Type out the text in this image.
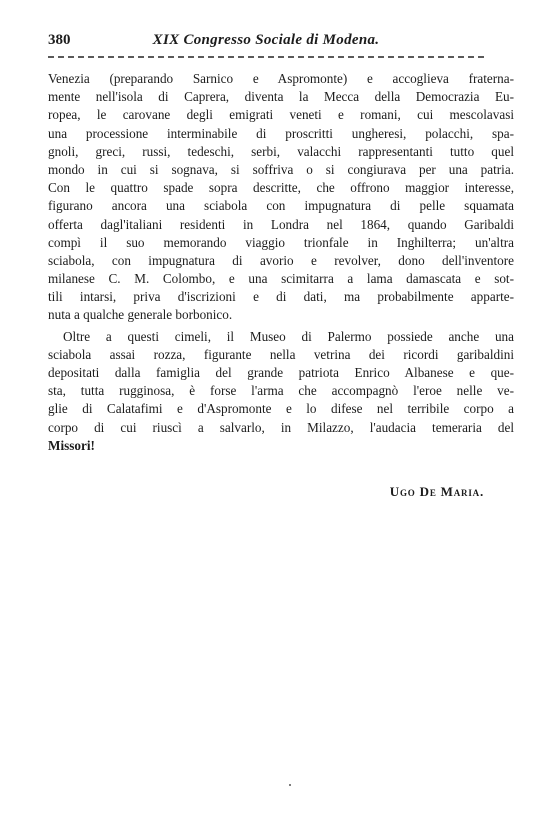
380	XIX Congresso Sociale di Modena.
Venezia (preparando Sarnico e Aspromonte) e accoglieva fraterna-
mente nell'isola di Caprera, diventa la Mecca della Democrazia Eu-
ropea, le carovane degli emigrati veneti e romani, cui mescolavasi
una processione interminabile di proscritti ungheresi, polacchi, spa-
gnoli, greci, russi, tedeschi, serbi, valacchi rappresentanti tutto quel
mondo in cui si sognava, si soffriva o si congiurava per una patria.
Con le quattro spade sopra descritte, che offrono maggior interesse,
figurano ancora una sciabola con impugnatura di pelle squamata
offerta dagl'italiani residenti in Londra nel 1864, quando Garibaldi
compì il suo memorando viaggio trionfale in Inghilterra; un'altra
sciabola, con impugnatura di avorio e revolver, dono dell'inventore
milanese C. M. Colombo, e una scimitarra a lama damascata e sot-
tili intarsi, priva d'iscrizioni e di dati, ma probabilmente apparte-
nuta a qualche generale borbonico.
Oltre a questi cimeli, il Museo di Palermo possiede anche una
sciabola assai rozza, figurante nella vetrina dei ricordi garibaldini
depositati dalla famiglia del grande patriota Enrico Albanese e que-
sta, tutta rugginosa, è forse l'arma che accompagnò l'eroe nelle ve-
glie di Calatafimi e d'Aspromonte e lo difese nel terribile corpo a
corpo di cui riuscì a salvarlo, in Milazzo, l'audacia temeraria del
Missori!
Ugo De Maria.
